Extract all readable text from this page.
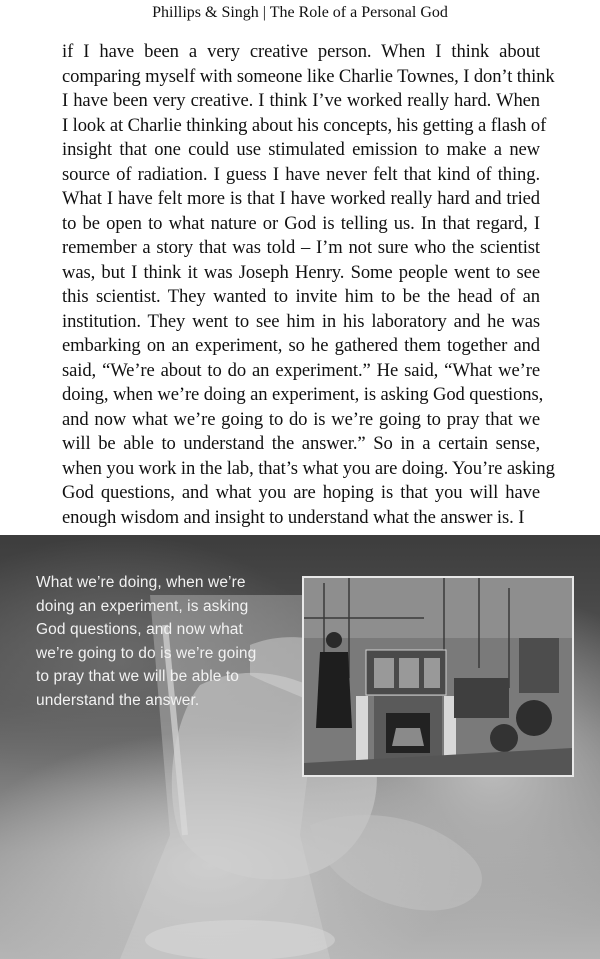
Phillips & Singh | The Role of a Personal God

if I have been a very creative person. When I think about
comparing myself with someone like Charlie Townes, I don’t think
I have been very creative. I think I’ve worked really hard. When
I look at Charlie thinking about his concepts, his getting a flash of
insight that one could use stimulated emission to make a new
source of radiation. I guess I have never felt that kind of thing.
What I have felt more is that I have worked really hard and tried
to be open to what nature or God is telling us. In that regard, I
remember a story that was told – I’m not sure who the scientist
was, but I think it was Joseph Henry. Some people went to see
this scientist. They wanted to invite him to be the head of an
institution. They went to see him in his laboratory and he was
embarking on an experiment, so he gathered them together and
said, “We’re about to do an experiment.” He said, “What we’re
doing, when we’re doing an experiment, is asking God questions,
and now what we’re going to do is we’re going to pray that we
will be able to understand the answer.” So in a certain sense,
when you work in the lab, that’s what you are doing. You’re asking
God questions, and what you are hoping is that you will have
enough wisdom and insight to understand what the answer is. I

What we’re doing, when we’re
doing an experiment, is asking
God questions, and now what
we’re going to do is we’re going
to pray that we will be able to
understand the answer.
